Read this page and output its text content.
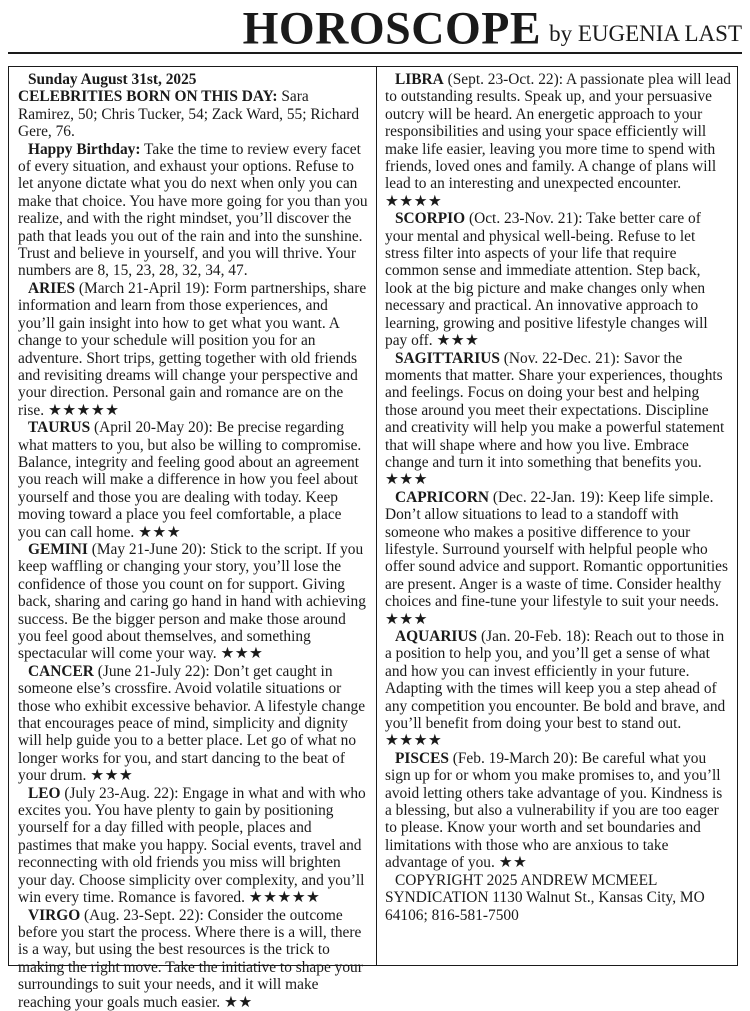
HOROSCOPE by EUGENIA LAST

Sunday August 31st, 2025

CELEBRITIES BORN ON THIS DAY: Sara Ramirez, 50; Chris Tucker, 54; Zack Ward, 55; Richard Gere, 76.

Happy Birthday: Take the time to review every facet of every situation, and exhaust your options. Refuse to let anyone dictate what you do next when only you can make that choice. You have more going for you than you realize, and with the right mindset, you’ll discover the path that leads you out of the rain and into the sunshine. Trust and believe in yourself, and you will thrive. Your numbers are 8, 15, 23, 28, 32, 34, 47.

ARIES (March 21-April 19): Form partnerships, share information and learn from those experiences, and you’ll gain insight into how to get what you want. A change to your schedule will position you for an adventure. Short trips, getting together with old friends and revisiting dreams will change your perspective and your direction. Personal gain and romance are on the rise. ★★★★★

TAURUS (April 20-May 20): Be precise regarding what matters to you, but also be willing to compromise. Balance, integrity and feeling good about an agreement you reach will make a difference in how you feel about yourself and those you are dealing with today. Keep moving toward a place you feel comfortable, a place you can call home. ★★★

GEMINI (May 21-June 20): Stick to the script. If you keep waffling or changing your story, you’ll lose the confidence of those you count on for support. Giving back, sharing and caring go hand in hand with achieving success. Be the bigger person and make those around you feel good about themselves, and something spectacular will come your way. ★★★

CANCER (June 21-July 22): Don’t get caught in someone else’s crossfire. Avoid volatile situations or those who exhibit excessive behavior. A lifestyle change that encourages peace of mind, simplicity and dignity will help guide you to a better place. Let go of what no longer works for you, and start dancing to the beat of your drum. ★★★

LEO (July 23-Aug. 22): Engage in what and with who excites you. You have plenty to gain by positioning yourself for a day filled with people, places and pastimes that make you happy. Social events, travel and reconnecting with old friends you miss will brighten your day. Choose simplicity over complexity, and you’ll win every time. Romance is favored. ★★★★★

VIRGO (Aug. 23-Sept. 22): Consider the outcome before you start the process. Where there is a will, there is a way, but using the best resources is the trick to making the right move. Take the initiative to shape your surroundings to suit your needs, and it will make reaching your goals much easier. ★★

LIBRA (Sept. 23-Oct. 22): A passionate plea will lead to outstanding results. Speak up, and your persuasive outcry will be heard. An energetic approach to your responsibilities and using your space efficiently will make life easier, leaving you more time to spend with friends, loved ones and family. A change of plans will lead to an interesting and unexpected encounter. ★★★★

SCORPIO (Oct. 23-Nov. 21): Take better care of your mental and physical well-being. Refuse to let stress filter into aspects of your life that require common sense and immediate attention. Step back, look at the big picture and make changes only when necessary and practical. An innovative approach to learning, growing and positive lifestyle changes will pay off. ★★★

SAGITTARIUS (Nov. 22-Dec. 21): Savor the moments that matter. Share your experiences, thoughts and feelings. Focus on doing your best and helping those around you meet their expectations. Discipline and creativity will help you make a powerful statement that will shape where and how you live. Embrace change and turn it into something that benefits you. ★★★

CAPRICORN (Dec. 22-Jan. 19): Keep life simple. Don’t allow situations to lead to a standoff with someone who makes a positive difference to your lifestyle. Surround yourself with helpful people who offer sound advice and support. Romantic opportunities are present. Anger is a waste of time. Consider healthy choices and fine-tune your lifestyle to suit your needs. ★★★

AQUARIUS (Jan. 20-Feb. 18): Reach out to those in a position to help you, and you’ll get a sense of what and how you can invest efficiently in your future. Adapting with the times will keep you a step ahead of any competition you encounter. Be bold and brave, and you’ll benefit from doing your best to stand out. ★★★★

PISCES (Feb. 19-March 20): Be careful what you sign up for or whom you make promises to, and you’ll avoid letting others take advantage of you. Kindness is a blessing, but also a vulnerability if you are too eager to please. Know your worth and set boundaries and limitations with those who are anxious to take advantage of you. ★★

COPYRIGHT 2025 ANDREW MCMEEL SYNDICATION 1130 Walnut St., Kansas City, MO 64106; 816-581-7500
